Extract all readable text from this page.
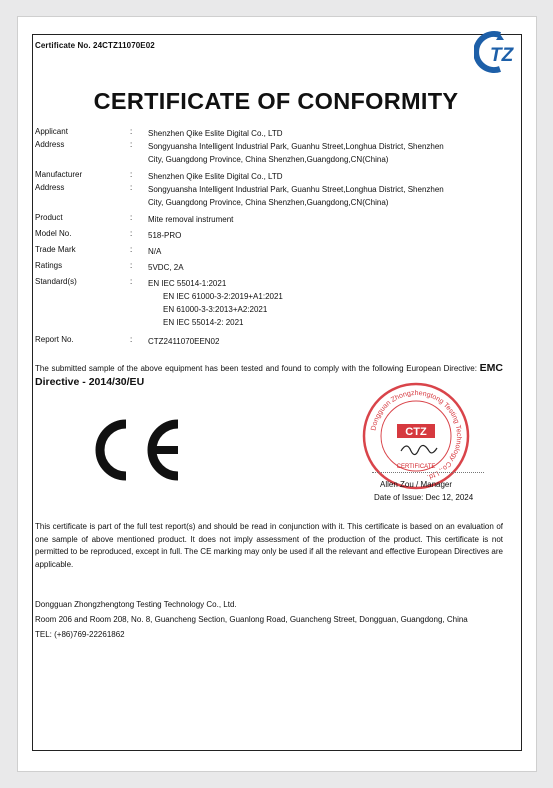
Certificate No. 24CTZ11070E02	TZ
CERTIFICATE OF CONFORMITY
Applicant	: Shenzhen Qike Eslite Digital Co., LTD
Address	: Songyuansha Intelligent Industrial Park, Guanhu Street,Longhua District, Shenzhen
City, Guangdong Province, China Shenzhen,Guangdong,CN(China)
Manufacturer	: Shenzhen Qike Eslite Digital Co., LTD
Address	: Songyuansha Intelligent Industrial Park, Guanhu Street,Longhua District, Shenzhen
City, Guangdong Province, China Shenzhen,Guangdong,CN(China)
Product	: Mite removal instrument
Model No.	: 518-PRO
Trade Mark	: N/A
Ratings	: 5VDC, 2A
Standard(s)	: EN IEC 55014-1:2021
EN IEC 61000-3-2:2019+A1:2021
EN 61000-3-3:2013+A2:2021
EN IEC 55014-2: 2021
Report No.	: CTZ2411070EEN02
The submitted sample of the above equipment has been tested and found to comply with the following European Directive: EMC Directive - 2014/30/EU
Dongguan Zhongzhengtong Testing Technology Co., Ltd.
CTZ
CERTIFICATE
Allen Zou / Manager
Date of Issue: Dec 12, 2024
This certificate is part of the full test report(s) and should be read in conjunction with it. This certificate is based on an evaluation of one sample of above mentioned product. It does not imply assessment of the production of the product. This certificate is not permitted to be reproduced, except in full. The CE marking may only be used if all the relevant and effective European Directives are applicable.
Dongguan Zhongzhengtong Testing Technology Co., Ltd.
Room 206 and Room 208, No. 8, Guancheng Section, Guanlong Road, Guancheng Street, Dongguan, Guangdong, China
TEL: (+86)769-22261862
